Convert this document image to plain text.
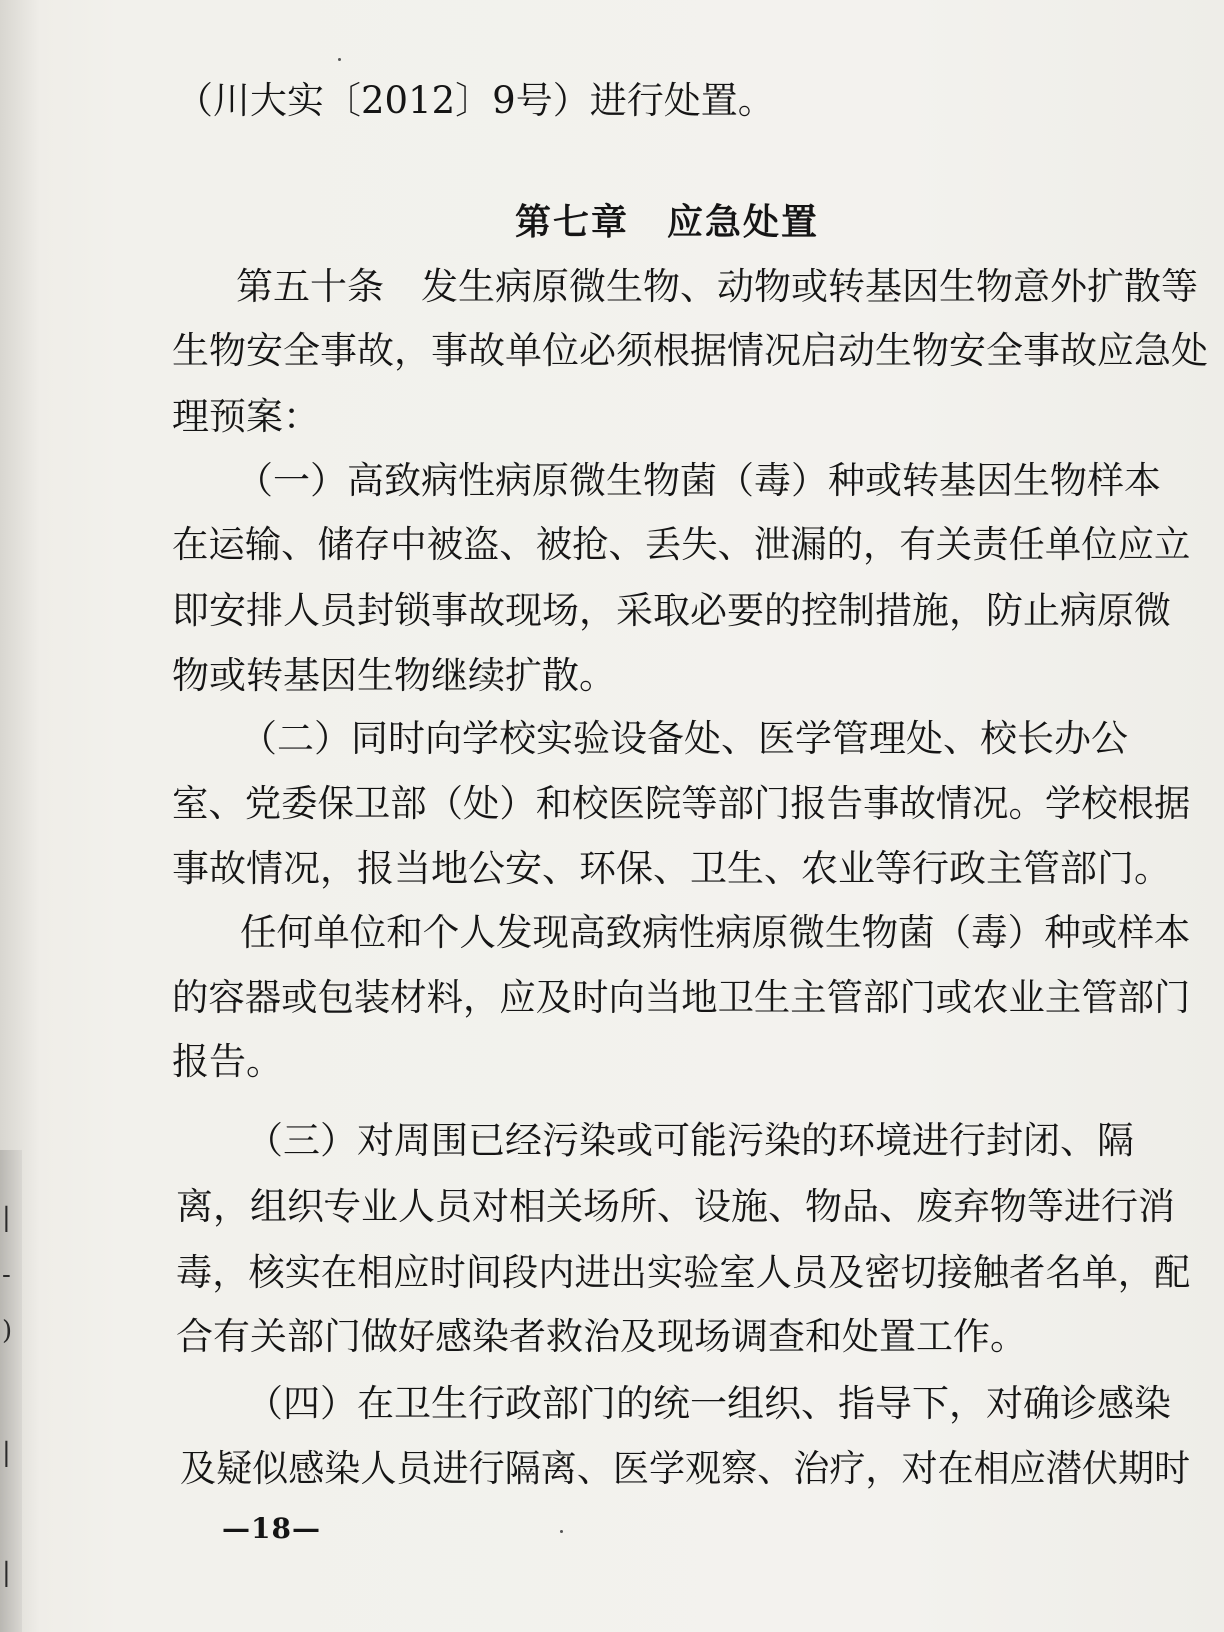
|
-
)
|
|
（川大实〔2012〕9号）进行处置。
第七章　应急处置
第五十条　发生病原微生物、动物或转基因生物意外扩散等
生物安全事故，事故单位必须根据情况启动生物安全事故应急处
理预案：
（一）高致病性病原微生物菌（毒）种或转基因生物样本
在运输、储存中被盗、被抢、丢失、泄漏的，有关责任单位应立
即安排人员封锁事故现场，采取必要的控制措施，防止病原微
物或转基因生物继续扩散。
（二）同时向学校实验设备处、医学管理处、校长办公
室、党委保卫部（处）和校医院等部门报告事故情况。学校根据
事故情况，报当地公安、环保、卫生、农业等行政主管部门。
任何单位和个人发现高致病性病原微生物菌（毒）种或样本
的容器或包装材料，应及时向当地卫生主管部门或农业主管部门
报告。
（三）对周围已经污染或可能污染的环境进行封闭、隔
离，组织专业人员对相关场所、设施、物品、废弃物等进行消
毒，核实在相应时间段内进出实验室人员及密切接触者名单，配
合有关部门做好感染者救治及现场调查和处置工作。
（四）在卫生行政部门的统一组织、指导下，对确诊感染
及疑似感染人员进行隔离、医学观察、治疗，对在相应潜伏期时
—18—
